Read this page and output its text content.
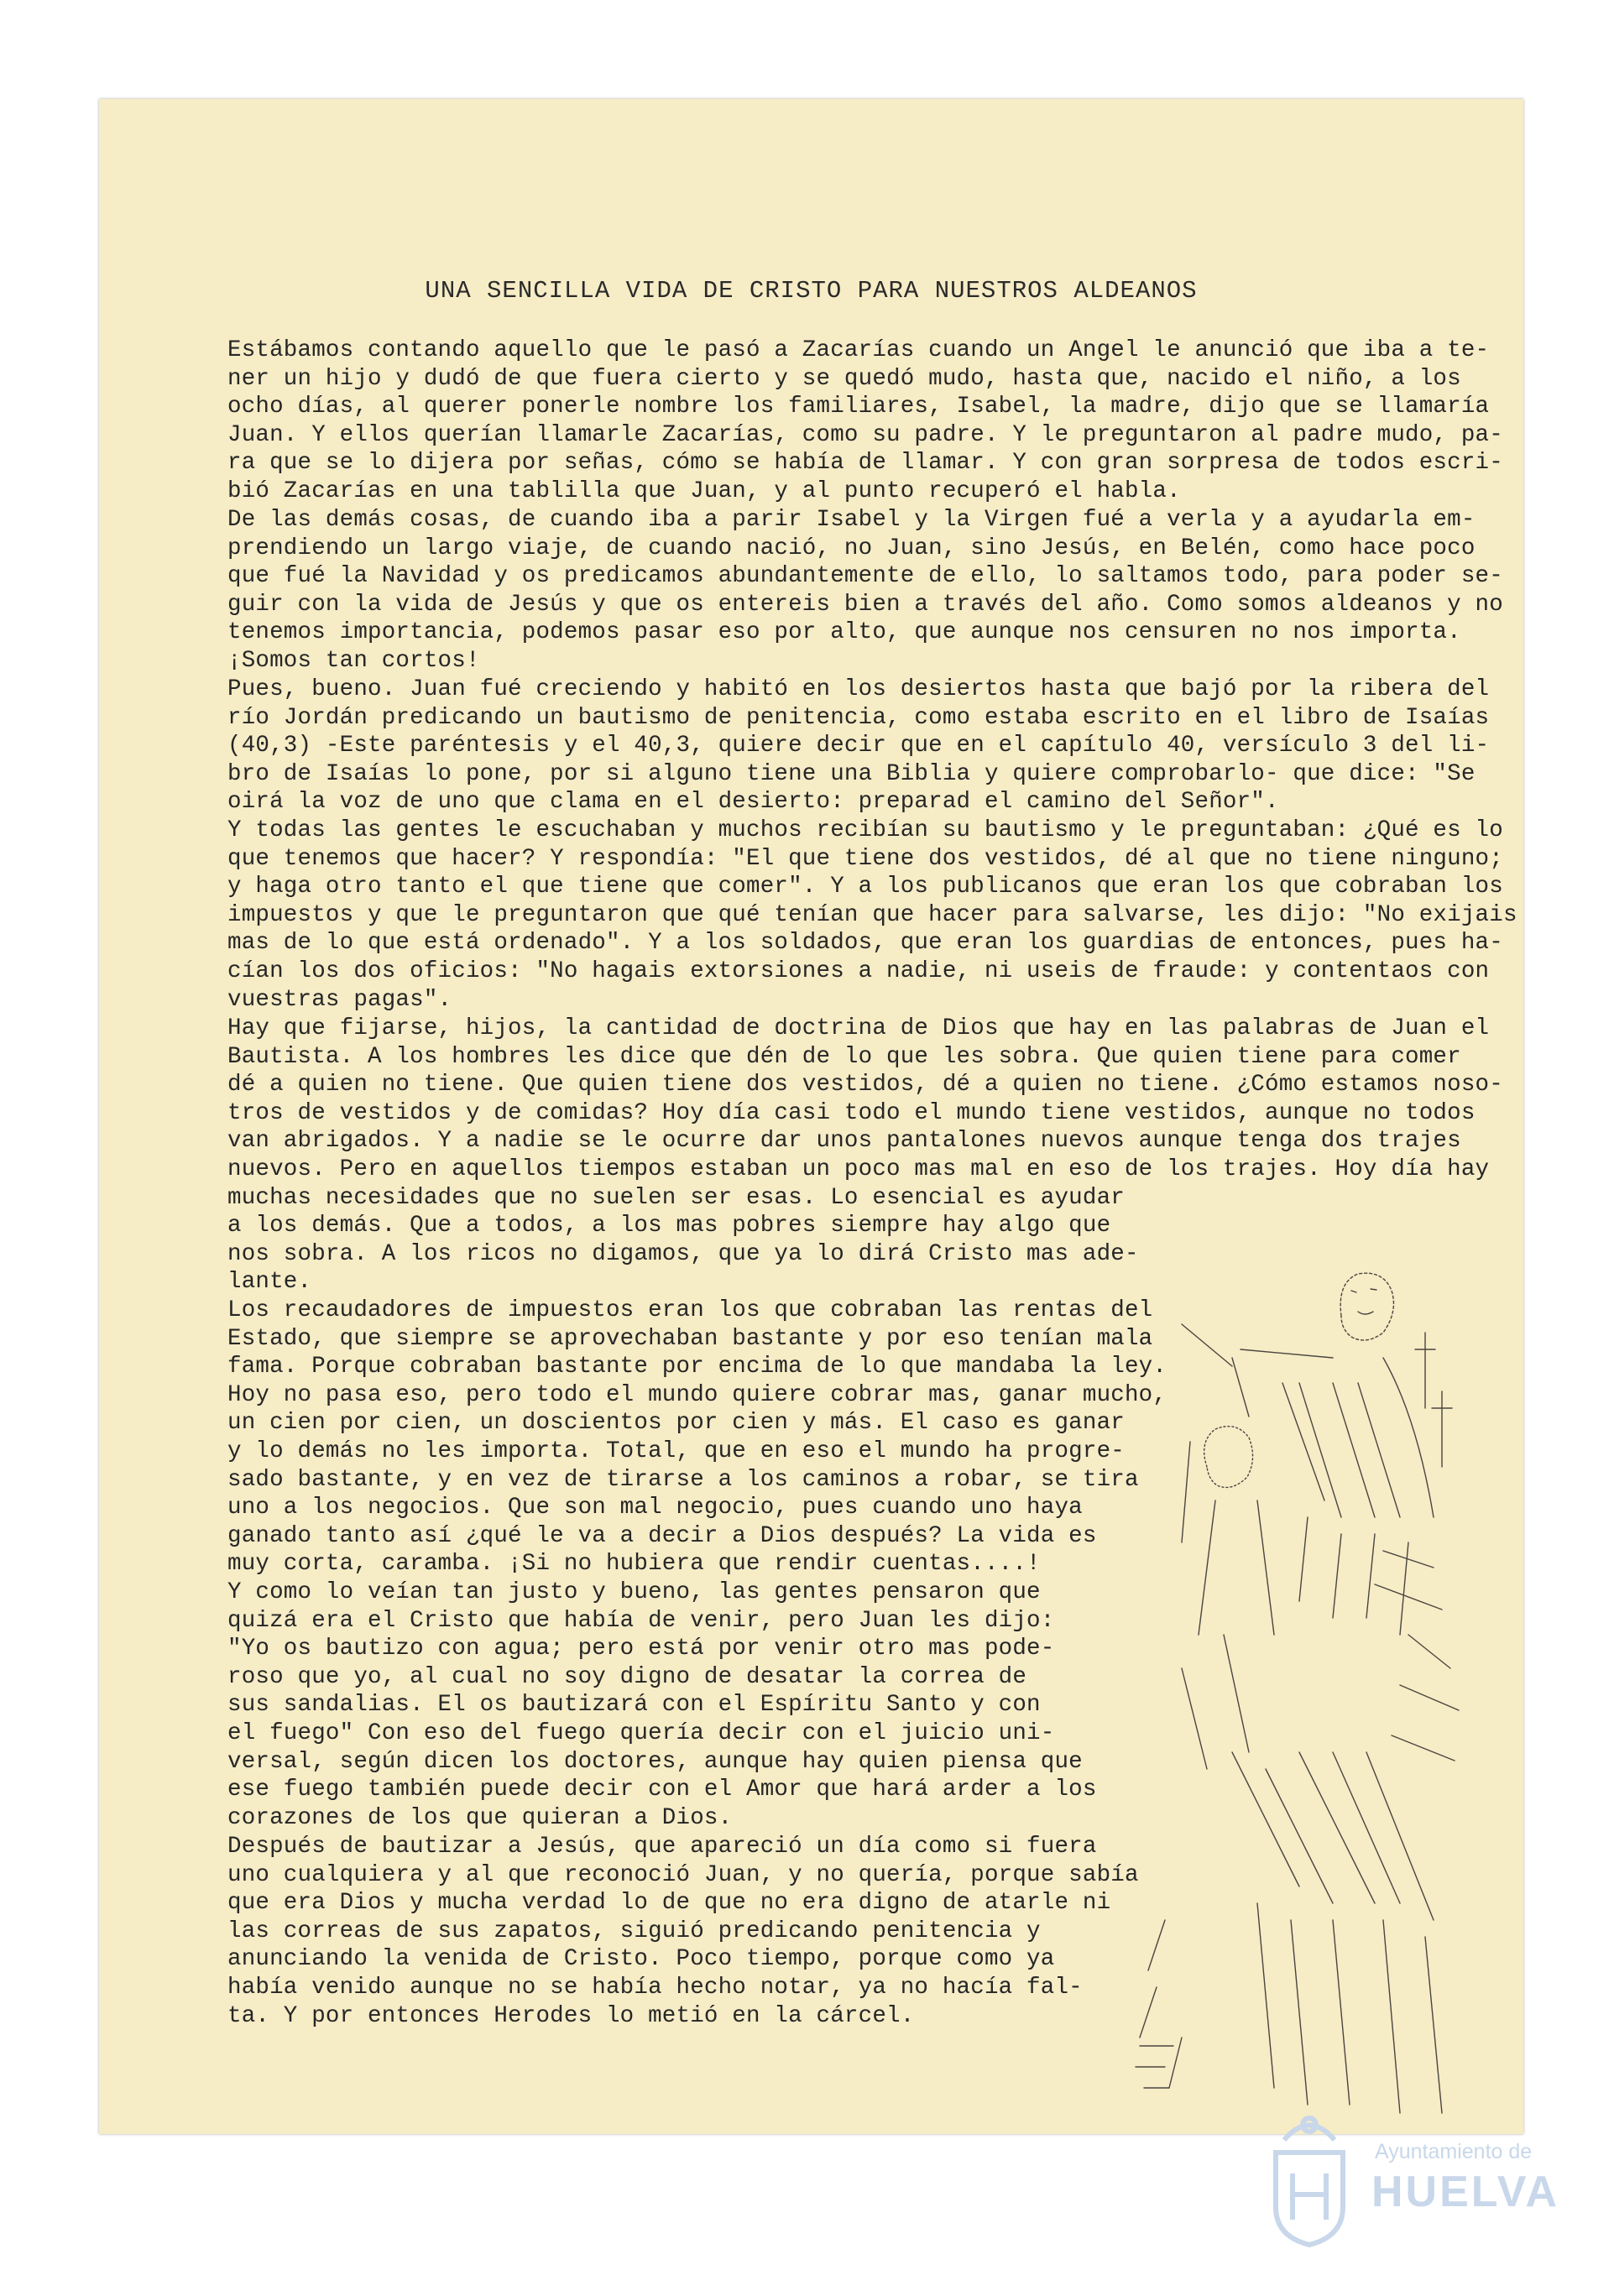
UNA SENCILLA VIDA DE CRISTO PARA NUESTROS ALDEANOS

Estábamos contando aquello que le pasó a Zacarías cuando un Angel le anunció que iba a te-
ner un hijo y dudó de que fuera cierto y se quedó mudo, hasta que, nacido el niño, a los
ocho días, al querer ponerle nombre los familiares, Isabel, la madre, dijo que se llamaría
Juan. Y ellos querían llamarle Zacarías, como su padre. Y le preguntaron al padre mudo, pa-
ra que se lo dijera por señas, cómo se había de llamar. Y con gran sorpresa de todos escri-
bió Zacarías en una tablilla que Juan, y al punto recuperó el habla.

De las demás cosas, de cuando iba a parir Isabel y la Virgen fué a verla y a ayudarla em-
prendiendo un largo viaje, de cuando nació, no Juan, sino Jesús, en Belén, como hace poco
que fué la Navidad y os predicamos abundantemente de ello, lo saltamos todo, para poder se-
guir con la vida de Jesús y que os entereis bien a través del año. Como somos aldeanos y no
tenemos importancia, podemos pasar eso por alto, que aunque nos censuren no nos importa.
¡Somos tan cortos!

Pues, bueno. Juan fué creciendo y habitó en los desiertos hasta que bajó por la ribera del
río Jordán predicando un bautismo de penitencia, como estaba escrito en el libro de Isaías
(40,3) -Este paréntesis y el 40,3, quiere decir que en el capítulo 40, versículo 3 del li-
bro de Isaías lo pone, por si alguno tiene una Biblia y quiere comprobarlo- que dice: "Se
oirá la voz de uno que clama en el desierto: preparad el camino del Señor".

Y todas las gentes le escuchaban y muchos recibían su bautismo y le preguntaban: ¿Qué es lo
que tenemos que hacer? Y respondía: "El que tiene dos vestidos, dé al que no tiene ninguno;
y haga otro tanto el que tiene que comer". Y a los publicanos que eran los que cobraban los
impuestos y que le preguntaron que qué tenían que hacer para salvarse, les dijo: "No exijais
mas de lo que está ordenado". Y a los soldados, que eran los guardias de entonces, pues ha-
cían los dos oficios: "No hagais extorsiones a nadie, ni useis de fraude: y contentaos con
vuestras pagas".

Hay que fijarse, hijos, la cantidad de doctrina de Dios que hay en las palabras de Juan el
Bautista. A los hombres les dice que dén de lo que les sobra. Que quien tiene para comer
dé a quien no tiene. Que quien tiene dos vestidos, dé a quien no tiene. ¿Cómo estamos noso-
tros de vestidos y de comidas? Hoy día casi todo el mundo tiene vestidos, aunque no todos
van abrigados. Y a nadie se le ocurre dar unos pantalones nuevos aunque tenga dos trajes
nuevos. Pero en aquellos tiempos estaban un poco mas mal en eso de los trajes. Hoy día hay
muchas necesidades que no suelen ser esas. Lo esencial es ayudar
a los demás. Que a todos, a los mas pobres siempre hay algo que
nos sobra. A los ricos no digamos, que ya lo dirá Cristo mas ade-
lante.

Los recaudadores de impuestos eran los que cobraban las rentas del
Estado, que siempre se aprovechaban bastante y por eso tenían mala
fama. Porque cobraban bastante por encima de lo que mandaba la ley.
Hoy no pasa eso, pero todo el mundo quiere cobrar mas, ganar mucho,
un cien por cien, un doscientos por cien y más. El caso es ganar
y lo demás no les importa. Total, que en eso el mundo ha progre-
sado bastante, y en vez de tirarse a los caminos a robar, se tira
uno a los negocios. Que son mal negocio, pues cuando uno haya
ganado tanto así ¿qué le va a decir a Dios después? La vida es
muy corta, caramba. ¡Si no hubiera que rendir cuentas....!

Y como lo veían tan justo y bueno, las gentes pensaron que
quizá era el Cristo que había de venir, pero Juan les dijo:
"Yo os bautizo con agua; pero está por venir otro mas pode-
roso que yo, al cual no soy digno de desatar la correa de
sus sandalias. El os bautizará con el Espíritu Santo y con
el fuego" Con eso del fuego quería decir con el juicio uni-
versal, según dicen los doctores, aunque hay quien piensa que
ese fuego también puede decir con el Amor que hará arder a los
corazones de los que quieran a Dios.

Después de bautizar a Jesús, que apareció un día como si fuera
uno cualquiera y al que reconoció Juan, y no quería, porque sabía
que era Dios y mucha verdad lo de que no era digno de atarle ni
las correas de sus zapatos, siguió predicando penitencia y
anunciando la venida de Cristo. Poco tiempo, porque como ya
había venido aunque no se había hecho notar, ya no hacía fal-
ta. Y por entonces Herodes lo metió en la cárcel.

Ayuntamiento de
HUELVA
